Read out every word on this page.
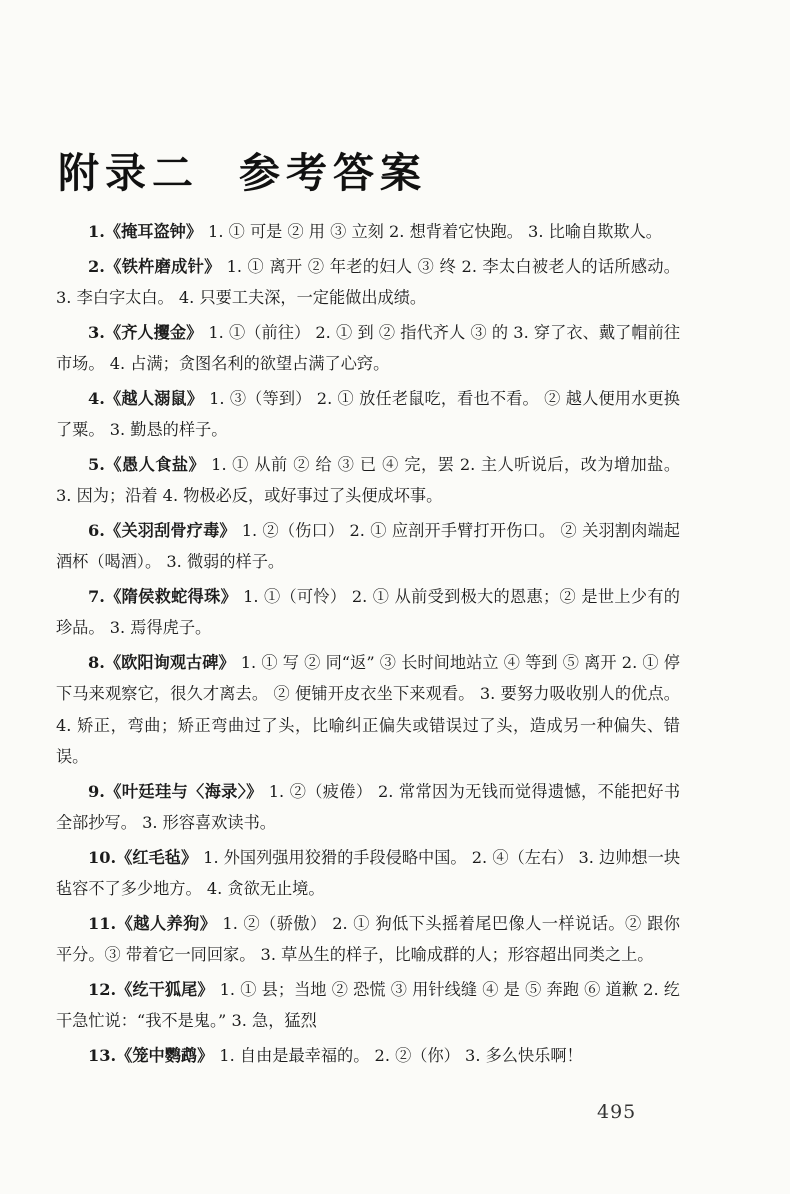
附录二 参考答案

1.《掩耳盗钟》 1. ① 可是 ② 用 ③ 立刻 2. 想背着它快跑。 3. 比喻自欺欺人。

2.《铁杵磨成针》 1. ① 离开 ② 年老的妇人 ③ 终 2. 李太白被老人的话所感动。 3. 李白字太白。 4. 只要工夫深，一定能做出成绩。

3.《齐人攫金》 1. ①（前往） 2. ① 到 ② 指代齐人 ③ 的 3. 穿了衣、戴了帽前往市场。 4. 占满；贪图名利的欲望占满了心窍。

4.《越人溺鼠》 1. ③（等到） 2. ① 放任老鼠吃，看也不看。 ② 越人便用水更换了粟。 3. 勤恳的样子。

5.《愚人食盐》 1. ① 从前 ② 给 ③ 已 ④ 完，罢 2. 主人听说后，改为增加盐。 3. 因为；沿着 4. 物极必反，或好事过了头便成坏事。

6.《关羽刮骨疗毒》 1. ②（伤口） 2. ① 应剖开手臂打开伤口。 ② 关羽割肉端起酒杯（喝酒）。 3. 微弱的样子。

7.《隋侯救蛇得珠》 1. ①（可怜） 2. ① 从前受到极大的恩惠；② 是世上少有的珍品。 3. 焉得虎子。

8.《欧阳询观古碑》 1. ① 写 ② 同“返” ③ 长时间地站立 ④ 等到 ⑤ 离开 2. ① 停下马来观察它，很久才离去。 ② 便铺开皮衣坐下来观看。 3. 要努力吸收别人的优点。 4. 矫正，弯曲；矫正弯曲过了头，比喻纠正偏失或错误过了头，造成另一种偏失、错误。

9.《叶廷珪与〈海录〉》 1. ②（疲倦） 2. 常常因为无钱而觉得遗憾，不能把好书全部抄写。 3. 形容喜欢读书。

10.《红毛毡》 1. 外国列强用狡猾的手段侵略中国。 2. ④（左右） 3. 边帅想一块毡容不了多少地方。 4. 贪欲无止境。

11.《越人养狗》 1. ②（骄傲） 2. ① 狗低下头摇着尾巴像人一样说话。② 跟你平分。③ 带着它一同回家。 3. 草丛生的样子，比喻成群的人；形容超出同类之上。

12.《纥干狐尾》 1. ① 县；当地 ② 恐慌 ③ 用针线缝 ④ 是 ⑤ 奔跑 ⑥ 道歉 2. 纥干急忙说：“我不是鬼。” 3. 急，猛烈

13.《笼中鹦鹉》 1. 自由是最幸福的。 2. ②（你） 3. 多么快乐啊！

495
